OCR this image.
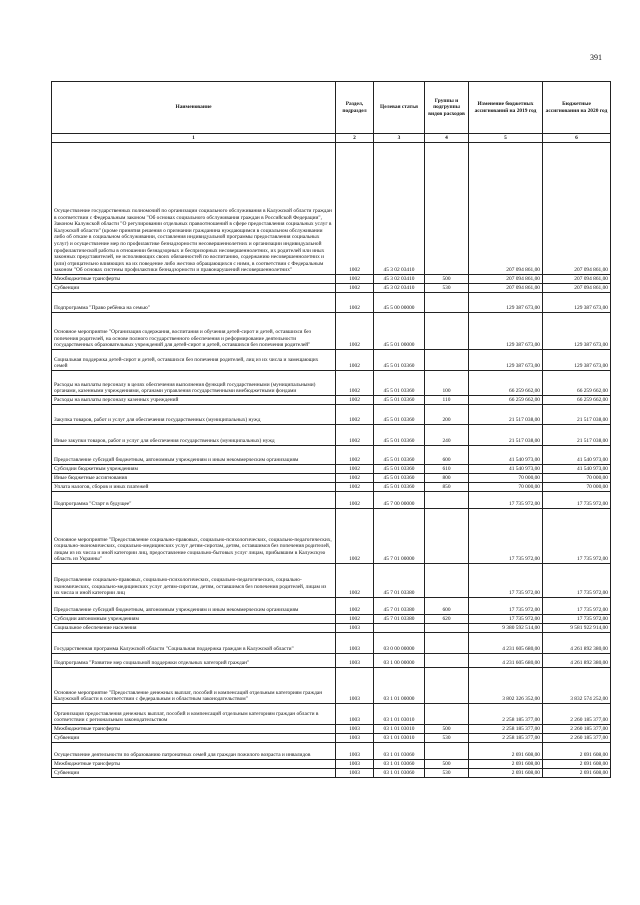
391
Наименование	Раздел, подраздел	Целевая статья	Группы и подгруппы видов расходов	Изменение бюджетных ассигнований на 2019 год	Бюджетные ассигнования на 2020 год
1	2	3	4	5	6
Осуществление государственных полномочий по организации социального обслуживания в Калужской области граждан в соответствии с Федеральным законом "Об основах социального обслуживания граждан в Российской Федерации", Законом Калужской области "О регулировании отдельных правоотношений в сфере предоставления социальных услуг в Калужской области" (кроме принятия решения о признании гражданина нуждающимся в социальном обслуживании либо об отказе в социальном обслуживании, составления индивидуальной программы предоставления социальных услуг) и осуществление мер по профилактике безнадзорности несовершеннолетних и организации индивидуальной профилактической работы в отношении безнадзорных и беспризорных несовершеннолетних, их родителей или иных законных представителей, не исполняющих своих обязанностей по воспитанию, содержанию несовершеннолетних и (или) отрицательно влияющих на их поведение либо жестоко обращающихся с ними, в соответствии с Федеральным законом "Об основах системы профилактики безнадзорности и правонарушений несовершеннолетних"	1002	45 3 02 03410		207 094 861,00	207 094 861,00
Межбюджетные трансферты	1002	45 3 02 03410	500	207 094 861,00	207 094 861,00
Субвенции	1002	45 3 02 03410	530	207 094 861,00	207 094 861,00
Подпрограмма "Право ребёнка на семью"	1002	45 5 00 00000		129 387 673,00	129 387 673,00
Основное мероприятие "Организация содержания, воспитания и обучения детей-сирот и детей, оставшихся без попечения родителей, на основе полного государственного обеспечения и реформирование деятельности государственных образовательных учреждений для детей-сирот и детей, оставшихся без попечения родителей"	1002	45 5 01 00000		129 387 673,00	129 387 673,00
Социальная поддержка детей-сирот и детей, оставшихся без попечения родителей, лиц из их числа и замещающих семей	1002	45 5 01 03360		129 387 673,00	129 387 673,00
Расходы на выплаты персоналу в целях обеспечения выполнения функций государственными (муниципальными) органами, казенными учреждениями, органами управления государственными внебюджетными фондами	1002	45 5 01 03360	100	66 259 662,00	66 259 662,00
Расходы на выплаты персоналу казенных учреждений	1002	45 5 01 03360	110	66 259 662,00	66 259 662,00
Закупка товаров, работ и услуг для обеспечения государственных (муниципальных) нужд	1002	45 5 01 03360	200	21 517 038,00	21 517 038,00
Иные закупки товаров, работ и услуг для обеспечения государственных (муниципальных) нужд	1002	45 5 01 03360	240	21 517 038,00	21 517 038,00
Предоставление субсидий бюджетным, автономным учреждениям и иным некоммерческим организациям	1002	45 5 01 03360	600	41 540 973,00	41 540 973,00
Субсидии бюджетным учреждениям	1002	45 5 01 03360	610	41 540 973,00	41 540 973,00
Иные бюджетные ассигнования	1002	45 5 01 03360	800	70 000,00	70 000,00
Уплата налогов, сборов и иных платежей	1002	45 5 01 03360	850	70 000,00	70 000,00
Подпрограмма "Старт в будущее"	1002	45 7 00 00000		17 735 972,00	17 735 972,00
Основное мероприятие "Предоставление социально-правовых, социально-психологических, социально-педагогических, социально-экономических, социально-медицинских услуг детям-сиротам, детям, оставшимся без попечения родителей, лицам из их числа и иной категории лиц, предоставление социально-бытовых услуг лицам, прибывшим в Калужскую область из Украины"	1002	45 7 01 00000		17 735 972,00	17 735 972,00
Предоставление социально-правовых, социально-психологических, социально-педагогических, социально-экономических, социально-медицинских услуг детям-сиротам, детям, оставшимся без попечения родителей, лицам из их числа и иной категории лиц	1002	45 7 01 03380		17 735 972,00	17 735 972,00
Предоставление субсидий бюджетным, автономным учреждениям и иным некоммерческим организациям	1002	45 7 01 03380	600	17 735 972,00	17 735 972,00
Субсидии автономным учреждениям	1002	45 7 01 03380	620	17 735 972,00	17 735 972,00
Социальное обеспечение населения	1003			9 380 592 514,00	9 581 922 914,00
Государственная программа Калужской области "Социальная поддержка граждан в Калужской области"	1003	03 0 00 00000		4 231 605 680,00	4 261 892 380,00
Подпрограмма "Развитие мер социальной поддержки отдельных категорий граждан"	1003	03 1 00 00000		4 231 605 680,00	4 261 892 380,00
Основное мероприятие "Предоставление денежных выплат, пособий и компенсаций отдельным категориям граждан Калужской области в соответствии с федеральным и областным законодательством"	1003	03 1 01 00000		3 802 326 352,00	3 832 574 252,00
Организация предоставления денежных выплат, пособий и компенсаций отдельным категориям граждан области в соответствии с региональным законодательством	1003	03 1 01 03010		2 258 185 377,00	2 260 185 377,00
Межбюджетные трансферты	1003	03 1 01 03010	500	2 258 185 377,00	2 260 185 377,00
Субвенции	1003	03 1 01 03010	530	2 258 185 377,00	2 260 185 377,00
Осуществление деятельности по образованию патронатных семей для граждан пожилого возраста и инвалидов	1003	03 1 01 03060		2 691 608,00	2 691 608,00
Межбюджетные трансферты	1003	03 1 01 03060	500	2 691 608,00	2 691 608,00
Субвенции	1003	03 1 01 03060	530	2 691 608,00	2 691 608,00
